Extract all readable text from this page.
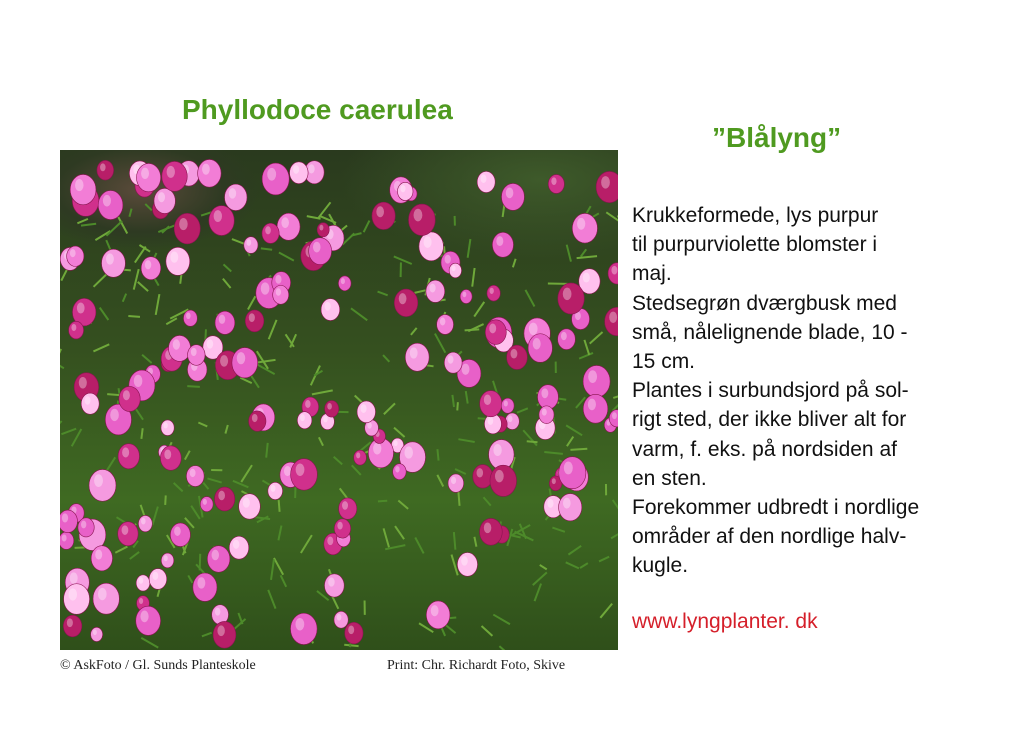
Phyllodoce caerulea
”Blålyng”

Krukkeformede, lys purpur
til purpurviolette blomster i
maj.
Stedsegrøn dværgbusk med
små, nålelignende blade, 10 -
15 cm.
Plantes i surbundsjord på sol-
rigt sted, der ikke bliver alt for
varm, f. eks. på nordsiden af
en sten.
Forekommer udbredt i nordlige
områder af den nordlige halv-
kugle.

www.lyngplanter. dk
© AskFoto / Gl. Sunds Planteskole	Print: Chr. Richardt Foto, Skive
